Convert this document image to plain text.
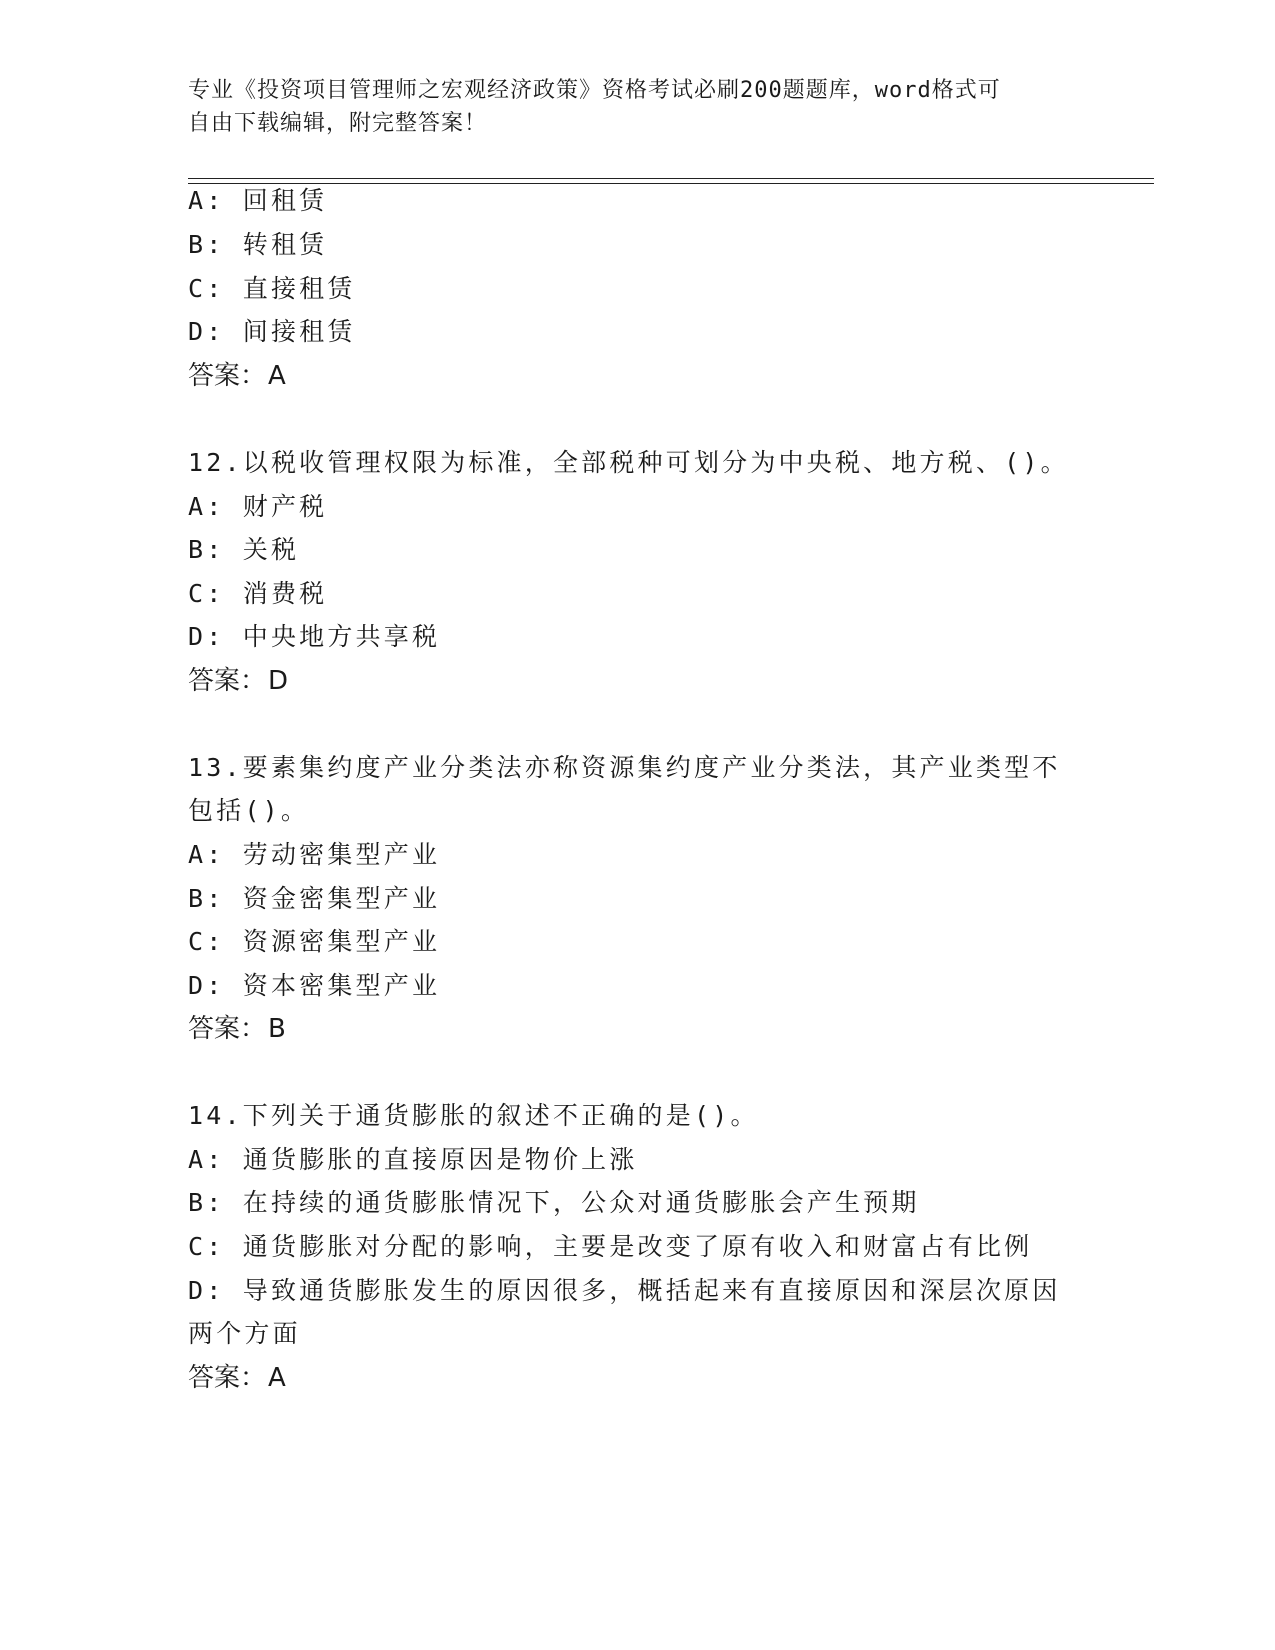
专业《投资项目管理师之宏观经济政策》资格考试必刷200题题库，word格式可
自由下载编辑，附完整答案！
A: 回租赁
B: 转租赁
C: 直接租赁
D: 间接租赁
答案：A
12.以税收管理权限为标准，全部税种可划分为中央税、地方税、()。
A: 财产税
B: 关税
C: 消费税
D: 中央地方共享税
答案：D
13.要素集约度产业分类法亦称资源集约度产业分类法，其产业类型不
包括()。
A: 劳动密集型产业
B: 资金密集型产业
C: 资源密集型产业
D: 资本密集型产业
答案：B
14.下列关于通货膨胀的叙述不正确的是()。
A: 通货膨胀的直接原因是物价上涨
B: 在持续的通货膨胀情况下，公众对通货膨胀会产生预期
C: 通货膨胀对分配的影响，主要是改变了原有收入和财富占有比例
D: 导致通货膨胀发生的原因很多，概括起来有直接原因和深层次原因
两个方面
答案：A
